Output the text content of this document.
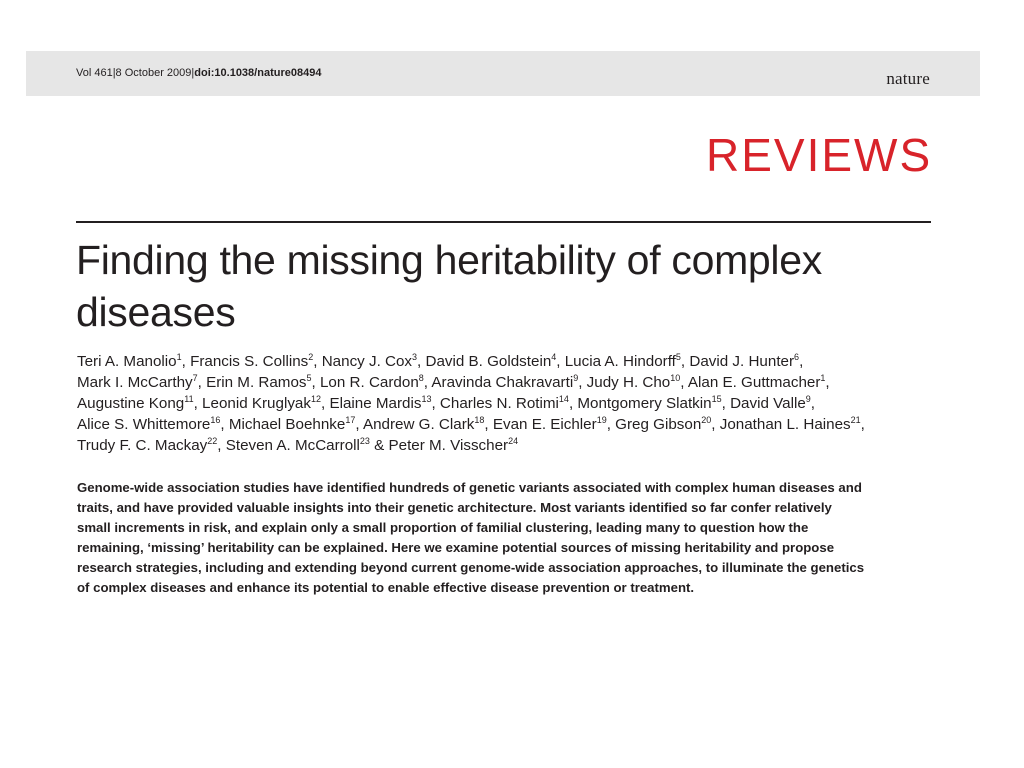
Vol 461|8 October 2009|doi:10.1038/nature08494	nature
REVIEWS
Finding the missing heritability of complex
diseases
Teri A. Manolio$^1$, Francis S. Collins$^2$, Nancy J. Cox$^3$, David B. Goldstein$^4$, Lucia A. Hindorff$^5$, David J. Hunter$^6$,
Mark I. McCarthy$^7$, Erin M. Ramos$^5$, Lon R. Cardon$^8$, Aravinda Chakravarti$^9$, Judy H. Cho$^{10}$, Alan E. Guttmacher$^1$,
Augustine Kong$^{11}$, Leonid Kruglyak$^{12}$, Elaine Mardis$^{13}$, Charles N. Rotimi$^{14}$, Montgomery Slatkin$^{15}$, David Valle$^9$,
Alice S. Whittemore$^{16}$, Michael Boehnke$^{17}$, Andrew G. Clark$^{18}$, Evan E. Eichler$^{19}$, Greg Gibson$^{20}$, Jonathan L. Haines$^{21}$,
Trudy F. C. Mackay$^{22}$, Steven A. McCarroll$^{23}$ & Peter M. Visscher$^{24}$
Genome-wide association studies have identified hundreds of genetic variants associated with complex human diseases and
traits, and have provided valuable insights into their genetic architecture. Most variants identified so far confer relatively
small increments in risk, and explain only a small proportion of familial clustering, leading many to question how the
remaining, ‘missing’ heritability can be explained. Here we examine potential sources of missing heritability and propose
research strategies, including and extending beyond current genome-wide association approaches, to illuminate the genetics
of complex diseases and enhance its potential to enable effective disease prevention or treatment.
